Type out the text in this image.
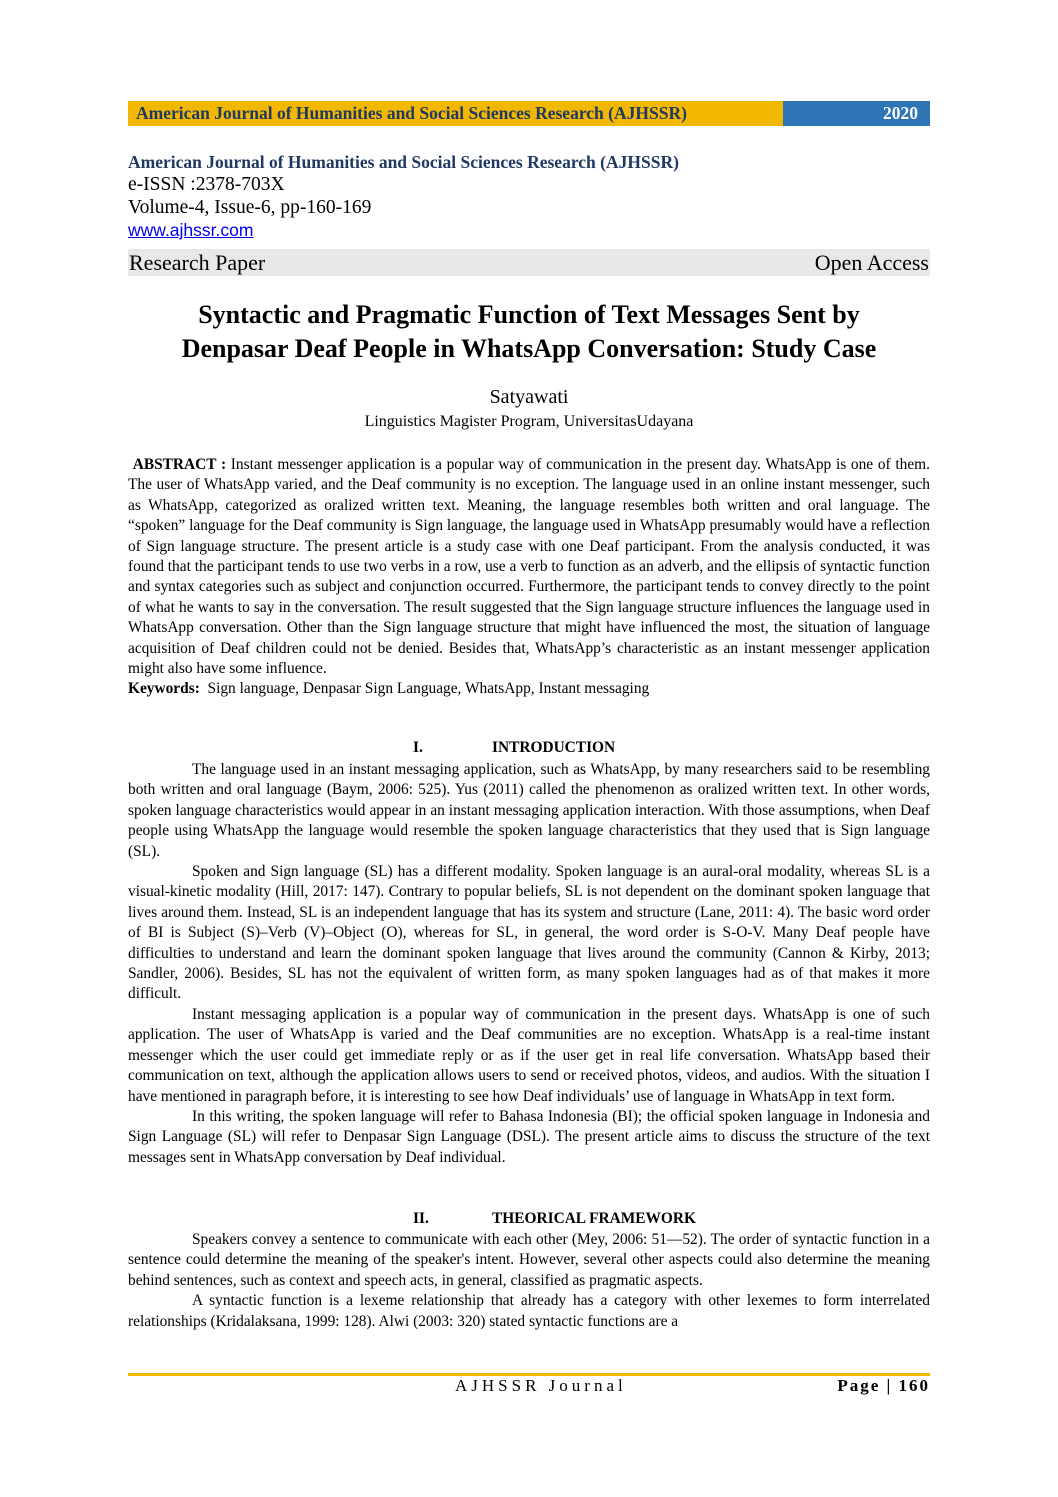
American Journal of Humanities and Social Sciences Research (AJHSSR)	2020
American Journal of Humanities and Social Sciences Research (AJHSSR)
e-ISSN :2378-703X
Volume-4, Issue-6, pp-160-169
www.ajhssr.com
Research Paper	Open Access
Syntactic and Pragmatic Function of Text Messages Sent by
Denpasar Deaf People in WhatsApp Conversation: Study Case
Satyawati
Linguistics Magister Program, UniversitasUdayana

ABSTRACT : Instant messenger application is a popular way of communication in the present day. WhatsApp is one of them. The user of WhatsApp varied, and the Deaf community is no exception. The language used in an online instant messenger, such as WhatsApp, categorized as oralized written text. Meaning, the language resembles both written and oral language. The “spoken” language for the Deaf community is Sign language, the language used in WhatsApp presumably would have a reflection of Sign language structure. The present article is a study case with one Deaf participant. From the analysis conducted, it was found that the participant tends to use two verbs in a row, use a verb to function as an adverb, and the ellipsis of syntactic function and syntax categories such as subject and conjunction occurred. Furthermore, the participant tends to convey directly to the point of what he wants to say in the conversation. The result suggested that the Sign language structure influences the language used in WhatsApp conversation. Other than the Sign language structure that might have influenced the most, the situation of language acquisition of Deaf children could not be denied. Besides that, WhatsApp’s characteristic as an instant messenger application might also have some influence.

Keywords: Sign language, Denpasar Sign Language, WhatsApp, Instant messaging

I.	INTRODUCTION

The language used in an instant messaging application, such as WhatsApp, by many researchers said to be resembling both written and oral language (Baym, 2006: 525). Yus (2011) called the phenomenon as oralized written text. In other words, spoken language characteristics would appear in an instant messaging application interaction. With those assumptions, when Deaf people using WhatsApp the language would resemble the spoken language characteristics that they used that is Sign language (SL).

Spoken and Sign language (SL) has a different modality. Spoken language is an aural-oral modality, whereas SL is a visual-kinetic modality (Hill, 2017: 147). Contrary to popular beliefs, SL is not dependent on the dominant spoken language that lives around them. Instead, SL is an independent language that has its system and structure (Lane, 2011: 4). The basic word order of BI is Subject (S)–Verb (V)–Object (O), whereas for SL, in general, the word order is S-O-V. Many Deaf people have difficulties to understand and learn the dominant spoken language that lives around the community (Cannon & Kirby, 2013; Sandler, 2006). Besides, SL has not the equivalent of written form, as many spoken languages had as of that makes it more difficult.

Instant messaging application is a popular way of communication in the present days. WhatsApp is one of such application. The user of WhatsApp is varied and the Deaf communities are no exception. WhatsApp is a real-time instant messenger which the user could get immediate reply or as if the user get in real life conversation. WhatsApp based their communication on text, although the application allows users to send or received photos, videos, and audios. With the situation I have mentioned in paragraph before, it is interesting to see how Deaf individuals’ use of language in WhatsApp in text form.

In this writing, the spoken language will refer to Bahasa Indonesia (BI); the official spoken language in Indonesia and Sign Language (SL) will refer to Denpasar Sign Language (DSL). The present article aims to discuss the structure of the text messages sent in WhatsApp conversation by Deaf individual.

II.	THEORICAL FRAMEWORK

Speakers convey a sentence to communicate with each other (Mey, 2006: 51—52). The order of syntactic function in a sentence could determine the meaning of the speaker's intent. However, several other aspects could also determine the meaning behind sentences, such as context and speech acts, in general, classified as pragmatic aspects.

A syntactic function is a lexeme relationship that already has a category with other lexemes to form interrelated relationships (Kridalaksana, 1999: 128). Alwi (2003: 320) stated syntactic functions are a

AJHSSR Journal	Page | 160
